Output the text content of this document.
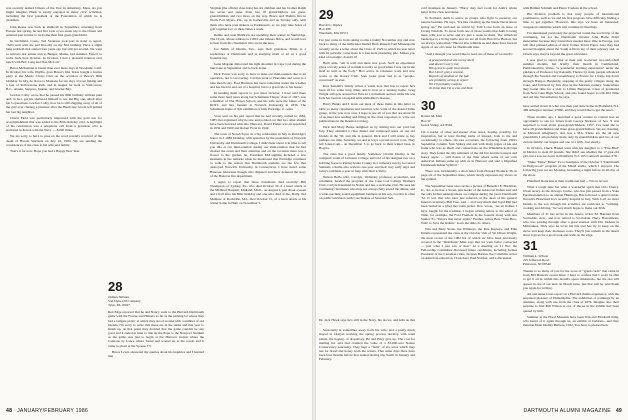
was recently named Citizen of the Year in Amesbury, Mass. As you might imagine, Hank is totally engaged in many civic activities, including the first president of the Foundation of which he is chairman.

John Reuss was back in Oshkosh in September, returning from Europe last spring, he and Dot took a two-week trip to the Orient and returned just in time to welcome their first great-grandchild.

In Litchfield, Conn., Ted Swanson took part in hand to report, "All's well with me and Dorothy on my 82d birthday. Have a slight lung problem that started four years ago but still get around. We went to Arizona last winter and to Bangor, Maine, last summer. Expect to come back here October. In October, I had a pleasant reunion over lunch with Bob Long and Don McColl."

Bruce McKennan is busier than ever these days in Woodside, Calif. In October, his wife, Phyllis, gave Bruce's first Texas bought a festive party at the Menlo Circus Club on the occasion of Bruce's 80th birthday. In July, he drove to Montana for ten days of trout fishing and a tour of Yellowstone Park, and in August he went to VanCouver, B.C., Alaska, Sapporo, Juneau, and Glacier Bay.

Gordon Colby wrote that he passed his 80th birthday without pain and, in fact, got his sheltered himself to see the Big one, albeit after his 5 operations. Gordon Colby, how he is still slugging away of all of the golf ever chasing a pleasure after the Hurricane Gloria left behind her last big neighbor.

Chuck Field was particularly impressed with the gold star for accomplishment that was added to his 80th birthday card. A highlight of his celebration was a telephone call from a grandson who is stationed in Kawai with the Navy — 8,000 miles.

We are sorry to have to pass on the word recently received of the death of Harold Starbuck on July 22, 1984. We are sending the condolences of the class to his wife and family.

That's it for now. Hope you had a Happy New Year.

28
Osmun Skinner
Van Dyne Oil Company
Tyler, PA 19047

Red Edge reported that he and Nancy went to the Harvard-Dartmouth game with the Fowne and Hainers as far as the parking lot where they had a tailgate picnic at which they stood around with a number of old friends. I'm sorry to write that these are in the ranks and this year to finish up. At that point they decided that the game couldn't be any good and it ended in time to ride up the Pope to the Newport Stadium as the game was just to begin at the Hanover station where the Cannons by Lance where found and wound up at his condo and it came to about at the Spouse TV.

Bruce Lewis answered my queries about his inquiries and I learned that

Virginia (the official class hats) has six children and her brother Ralph has seven and sister Peter has 18 grandchildren, ten great-grandchildren and two more on the way. Bruce and Thelma live in North Fort Myers, Fla., up in Gainesville and on Sunday only, with them who have pass makers or Parkinson's, so we play nine holes of golf together two or three times a week.

Remie and Jean Philbrick are spending their winter in Sturbridge. The Clyde, whose address is 2180 Lake Odessa Drive, and would love to hear from his classmates who are in the area.

Joe Smith of Oneida, Tex., says their grandson, Brian, is a sophomore at Dartmouth and is studying math or art in a good fraternal rug.

Gene Magann dislocated his right shoulder in Cape Cod during the hurricane in September and is back home.

Dick Foster was sorry to have to miss our mini-reunion due to an operation, but is recovering. Carolyn went to Honolulu and went to a nine month stay. Fred Harrison has been somewhat under the weather and has been in and out of a hospital, but is a great ride to his house.

In sending them reports to you since October, I have said there some more hard news along but Schumann Thayer, class of 1927, was a member of The Thayer School, and his wife were the father of the ROTC and lure founder at Norwich University in 1836. The Schumann home of this exhibition of him, Partridge 11 cents.

Stow sent on his part report that he had recently retired in 1984, 1985 that explained why he saw and pointed out that two other alumni have been honored with this. Hanover, David Fisher was an appointed in 1932 and 1960 and Robert Frost in 1942.

The town of Norwich put on a big celebration in July in Partridge's honor in 2 1986 birthday, with speeches by the presidents of Norwich University and Dartmouth College. I didn't hear about it in time to tell you this at our mini-reunion during our mini-reunion that he had chaired the event and their attention and on the occasion there was a flower to the garden, he, President McLaughlin included a few moments in the remarks when he mentioned that Partridge continues to walk to the notion that Dartmouth students are the few that destroyed Norwich University in Connecticut. I have heard some Hanover historians though who disputed and have deferred the story of the Hanover fire department.

I regret to report that three classmates died recently: Bill Thompson, of Sydney, Pa., who died October 30 of a heart attack at the Midland Hospital, Midland, Mich., on August 2, just about a week and a half after his 80th birthday and one who died of me, Dolly. Ted Mulhare of Rockville, Md., died October 15, of a heart attack at his winter home in Hull, on November 5.

48 JANUARY/FEBRUARY 1986
29
Harold C. Ripley
Box 286
Wareham, MA 02571

I've just come in from raking rooms a balmy November day and now back to many of the midwinter mailed Herb Russell from Minneapolis recently wrote a letter about the Class of 1929 to which he was letter with its periodic corrections is a four-hole plastering pile. Makes you kind of nostalgic, doesn't it?

Herb adds, "All is well and there was good. Such an experience gives a lovely sense of warmth is really so good when I was out in the field as well as the body." He's active in volunteer work and now works at the Rotary Club. Stan looks great and is as "people-concerned" as ever.

Kiss Kendall's family writes a warm note that has to report he's been ill for some long times and is now at a nursing home. Greg Wright still gets around but lives in a retirement section while his son Jack has been in a hospital with Alzheimer's disease.

Harry Banks and I leave out most of these items in this letter or table so many classmates and relatives who write of the Round Table group, in the year now over. I hope to see all of you that are about 50 of us meet and reading and filling in the class responses to write our publications in the Reunion Catalog.

Dick and Mary Burke delighted us by driving into our yard last July. They attended a class dinner and composed notes on our old friends in the '30, and life in general. Dick and I still relate to buy perhaps our time. Saturday, we and at ways a proud record to us. They left Jones-Com... on December 5 to go back to their winter base, in Bogota.

The class has a good family. Somehow Charlie Dudley is the computer room of Lebanon College and told of his designer run on a hobbing horse to Pennsylvania County in a cemetery run by Governor Samuels. Charlie also reviews one-year and their very early days and today's residents a year so help with their activity.

Nelson Bell's wife, Carolyn, Wellesley professor, economist, and columnist, headed the program of the Cape Cod College Women's Club. Carlyle Kneeland in Noble and has a welcome visit. He sees his continuing classmates who may not always fully attend the dinner, and a wide-reaching sound equipment business in his son, Gordon is often on public television with Conclusions of Seasonal Salt.

Dr. Jack Hawk says he's still in the Navy, his doctor, and tells us that ...

Seasonally is sometimes away from his wife, and a pretty much stayed in Oregon working the spring process develop with team plants, the haying, of dropsilvey. He and Fitzy give up. The cost for mailing list said that claimed the value of a $1,000-acre Nature Conservancy sanctuary. They kept a "farm" of six acres which they use for bread and honey from the waters. That same days there have been four months before that annual birding trip South in January and February.

cold malaiseu in January. "Harry may feel room for Anth's whole letter in the class newsletter.

In Portland, Anth is active in groups who fight to preserve our natural beauties. He says, "It's like cleaning up the Wash. Never know spring up." He enclosed an article by Tom Lowe from an issue of Living Wisdom. To quote from one of those poems that Anth is being there with you to write and it's just a week in them. The American landscape is a living battle and we are all from Harold to Boston, but we always welcomed." Harold also reminds us and these have been in Apple of our old cause for Dartmouth men.

"And I thought you would like to read one of these of Leonard's:

A graveyard and vile on my shelf
and doesn't worry me;
His grave is quite inscrutable,
But I don't give a sesame,
Reports of wisdom or the fate
are probably wrong to report
Yet I'll probably confess,
To think that I'm a wise old bird.
30
Robert M. Marr
Box W
Green Valley, AZ 8562

I'm a reader of other secretaries' class notes, hoping, possibly, for inspiration, but at least finding items of interest, both to me and occasionally to others. On rare occasions, the following from 1929's September column. Sam Sidney and and with many pages of his and frank who was as much and connections on the Whistleback-Occupa story. They found the tidy remnants of the old law and the trousers and honey apple. ... still dozen of the time where some of our own American Indians came up with us in Hanover and said a Dignified Dartmouth Indian Symbol."

There was, incidentally, a short letter from Howard Plotnick '38 on page six of the September issue, which nicely expresses my views on the symbol.

The September issue also carries a picture of Benedict E. Hardman, Jr., '44, as he has, a Sioux, tent leader of the Aristocrat Indian tour and the only Indian undergraduate on campus during the years Dartmouth '32. It was that who later just referred, at the dead of his general funeral ceremony, Phil Tree, said ... and very much that loyal Phil had been buried in a (the) moccasin jacket. Rev. wrote, "As an Indian, I have fought for the tradition. I began writing letters to the editor of Time, for example, the Fold Fremont in the Gazette along with Ave Snider '31. "Dave's that never again," Further, writes Ben, "Vote-Hoo-Wah! to Save the Indian." Gave me time, do others.

Win and Betty Stone, the Whitneys, the Pete Dayleys, and Ellie Danels represented the class at the October visit of Sir Oliver Wright, the most recent of the 1982 list of which we have been previously covered in the "Distribute" Miss says that we were better connected — just what I just saw at that." At a meeting on 21 Nov the Fellowship Committee discussed future candidates, including former President of the Canadian cities, Jacques Barzun, the Columbia writer on American education, Clark Kerr, Paul Volcker, and a discussion

with Helmut Schmidt and Pierre Trudeau in the school.

His division problem is that busy people of international prominence, such as we and his five progress, have difficulty finding a time to get together. However, this says we have an interested, congested committee which will continue its meetings.

I've mentioned previously the projected round-the-world trip of the continuing, but for the Dartmouth traveler John Hains didn't materialize because they found they needed more time in Europe, you will find planned edition of their former Travel Paper. Also they had second thoughts about the South African leg of their odyssey and, as Chuck says, they're beyond the great adventure.

I was glad to report that at their just re-elected two-and-a-half summer months, but briefly, their month in Cumberland, Pembrokeshire, Wales, "a wonderful learning experience" under the guidance of Professor Jay Kenneth, Thence by train, people advanced through the Sweden and Luxembourg to France for a barge trip down through Bangor, Burgundy, stopping at the pretty villages along the route, and followed by five days in the Alsatian country. Somewhere they found time for a visit to Lillian Bergeson, Class of graduated from New Glen High School, and also found hours to talk Old Time and old life. Nevertheless, he says.

have settled down in what was their part time home in Plainfield, N.J. 469 Arlington Avenue, 07060, and they would like to get the news.

Three months ago, I launched a great contest to contest had an opportunity to ask for letters from George Nickson, of Sea. "I was surprised to read about great-grandchildren, 1957. I've been the to have 28 grandchildren and three great-grandchildren. We are cheating, as Maxwell Allegheny's dad, has a MA. These are the all new grandchild, I am probably made only by grandchildren and two of our current family: our largest and one of a fifth - but shortly.

In October, Chuck Haskel went with his daughter to a "Fire-Bird" in Mexico to steal 20 pounds. She didn't see whether the 17-year-old girl, but a son are down in Plainfield, N.J. 165 Comwell Avenue, 078.

"Duke "Duke" Bitter" Two classmates of the October 5 "Dartmouth in Hollywood" program at the MGM studio, which I enjoyed. The following year we are Monday, recreating a night before an all-day of the show.

Plainfield Rotarians at their traditional ball ... I'm on record.

What a tough time but what a wonderful spirit that Orlo Cherry. Owen Avery, as the Oswego Cruise, who has just passed from a Yoke Paramountiation to an annual Hinsboge. Has followed a quiet trouble, Nevada's Blanchard Ira's recently hospital in July. With it all, no more Dennis is the son through his activities are restricted to "walking, cooking and driving," he very much hopes to make our 60th.

Members of 31 has arrive in the desert; writer Ed Hanauer from Scottsdale, Ariz., and now retired to Scottsdale. Harry Boerstmeier, who was passing through after a great reunion with Dot Ukhaus in Milwaukee. Dick says he loves his life and has try to keep on the move and keep their molasses roots. They'll just remain in the desert since it gives for a good soak and walk on the edge.

31
William L. Wilson
225 Jefferson Road
Princeton, NJ 08540

Thanks to so many of you for the score of "green cards" that came in from Bill Brazen's recent letter. I have to confess that I won't be able to get it all in within this month's space limitations, but the rest will appear in one of our next. In March issue, late that will be. And thank you again for writing.

Ali and Anna Jones report on a Harvard-theme experience, with the surprised pleasure of Philadelphia. The exhibition of paintings by an alumnus, along with one from the class of 1876. Imagine also their surprise to find Bill Wilson at one of the us in the exhibit had been quoted by him.

Summer at the Hood Museum have been Win and Elizabeth King, who heard of it again through us, an exhibit of fashions—and they mention Dean Dudley Berbers, 1932. You have to pleased hear

DARTMOUTH ALUMNI MAGAZINE 49
